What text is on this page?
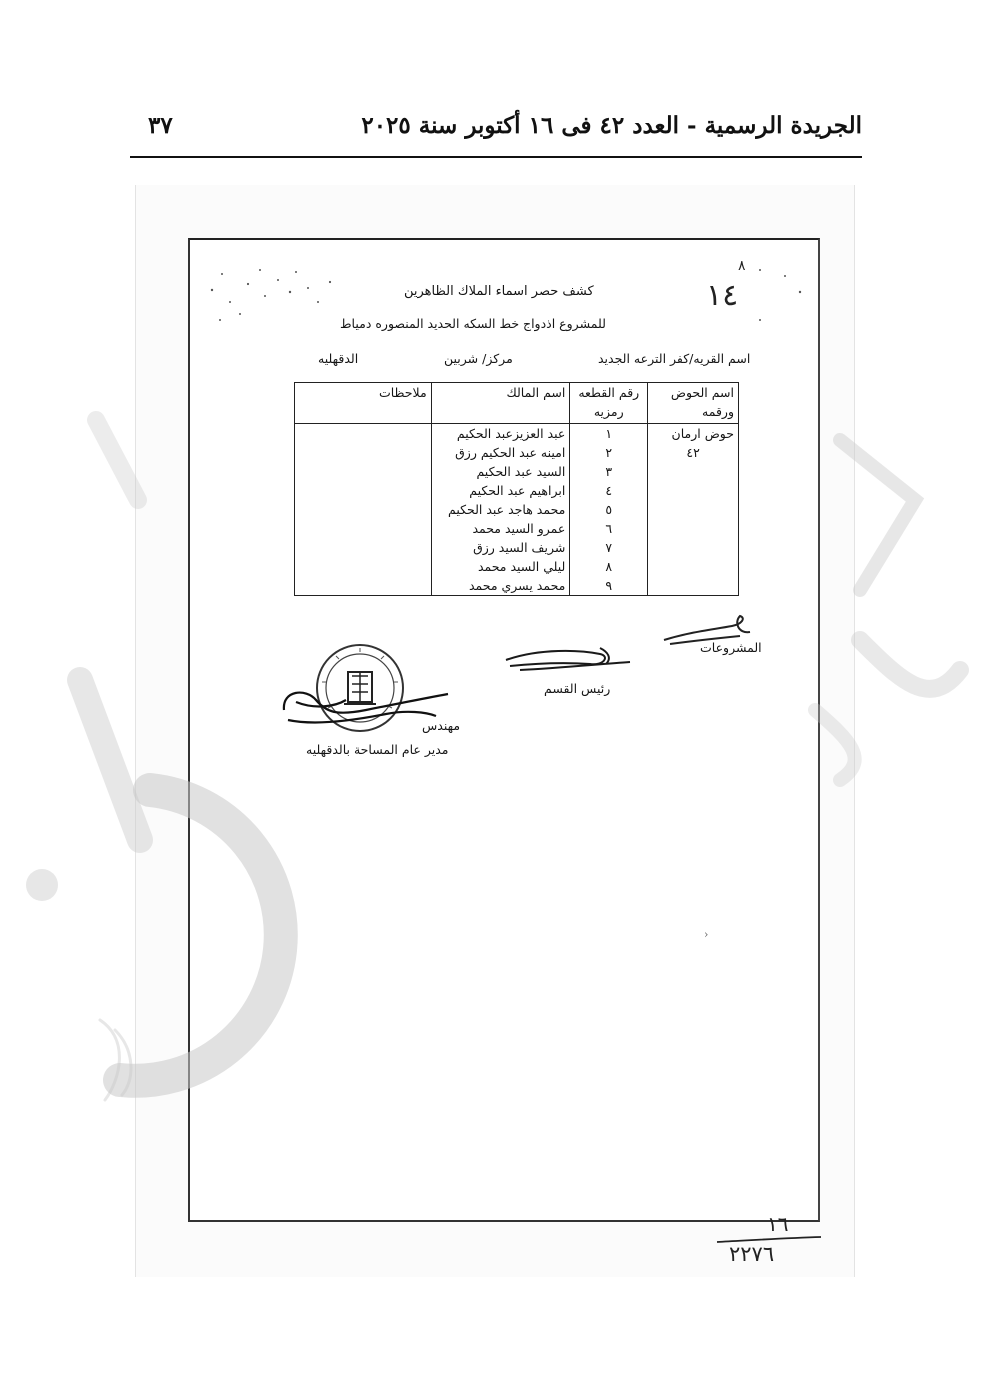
الجريدة الرسمية - العدد ٤٢ فى ١٦ أكتوبر سنة ٢٠٢٥
٣٧
١٤
٨
كشف حصر اسماء الملاك الظاهرين
للمشروع اذدواج خط السكه الحديد المنصوره دمياط
اسم القريه/كفر الترعه الجديد
مركز/ شربين
الدقهليه
اسم الحوض ورقمه	رقم القطعه رمزيه	اسم المالك	ملاحظات
حوض ارمان	١	عبد العزيزعبد الحكيم	
٤٢	٢	امينه عبد الحكيم رزق	
	٣	السيد عبد الحكيم	
	٤	ابراهيم عبد الحكيم	
	٥	محمد هاجد عبد الحكيم	
	٦	عمرو السيد محمد	
	٧	شريف السيد رزق	
	٨	ليلي السيد محمد	
	٩	محمد يسري محمد	
المشروعات
رئيس القسم
مهندس
مدير عام المساحة بالدقهليه
›
١٦
٢٢٧٦
